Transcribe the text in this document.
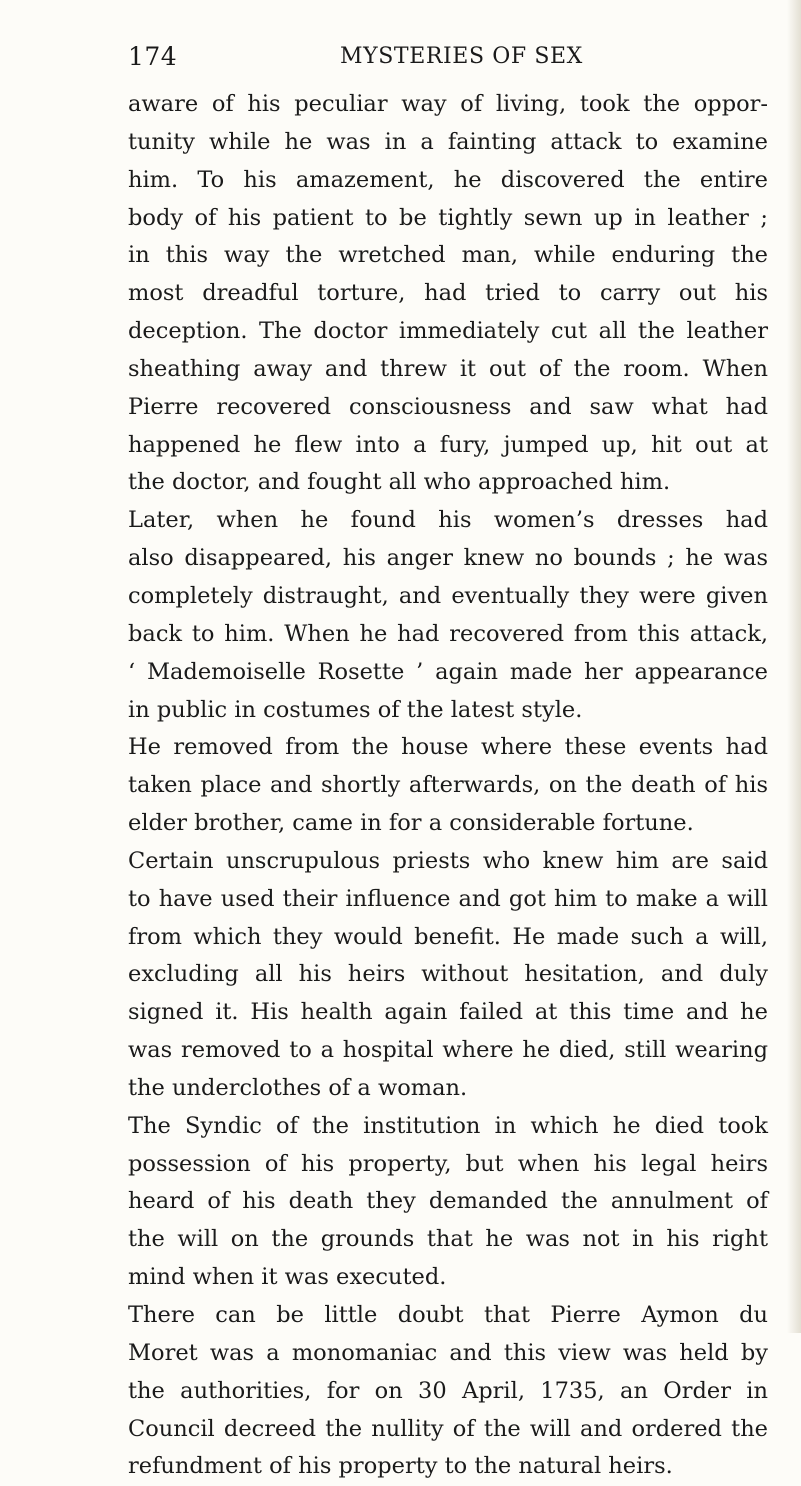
174	MYSTERIES OF SEX
aware of his peculiar way of living, took the oppor-
tunity while he was in a fainting attack to examine
him. To his amazement, he discovered the entire
body of his patient to be tightly sewn up in leather ;
in this way the wretched man, while enduring the
most dreadful torture, had tried to carry out his
deception. The doctor immediately cut all the leather
sheathing away and threw it out of the room. When
Pierre recovered consciousness and saw what had
happened he flew into a fury, jumped up, hit out at
the doctor, and fought all who approached him.
Later, when he found his women’s dresses had
also disappeared, his anger knew no bounds ; he was
completely distraught, and eventually they were given
back to him. When he had recovered from this attack,
‘ Mademoiselle Rosette ’ again made her appearance
in public in costumes of the latest style.
He removed from the house where these events had
taken place and shortly afterwards, on the death of his
elder brother, came in for a considerable fortune.
Certain unscrupulous priests who knew him are said
to have used their influence and got him to make a will
from which they would benefit. He made such a will,
excluding all his heirs without hesitation, and duly
signed it. His health again failed at this time and he
was removed to a hospital where he died, still wearing
the underclothes of a woman.
The Syndic of the institution in which he died took
possession of his property, but when his legal heirs
heard of his death they demanded the annulment of
the will on the grounds that he was not in his right
mind when it was executed.
There can be little doubt that Pierre Aymon du
Moret was a monomaniac and this view was held by
the authorities, for on 30 April, 1735, an Order in
Council decreed the nullity of the will and ordered the
refundment of his property to the natural heirs.
